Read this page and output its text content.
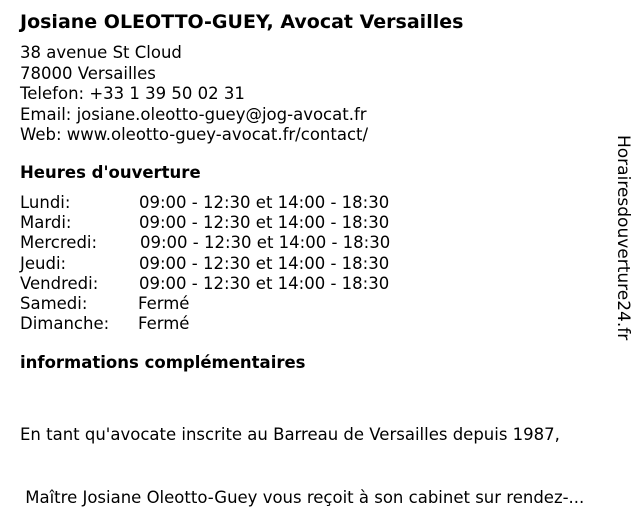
Josiane OLEOTTO-GUEY, Avocat Versailles
38 avenue St Cloud
78000 Versailles
Telefon: +33 1 39 50 02 31
Email: josiane.oleotto-guey@jog-avocat.fr
Web: www.oleotto-guey-avocat.fr/contact/
Heures d'ouverture
Lundi:	09:00 - 12:30 et 14:00 - 18:30
Mardi:	09:00 - 12:30 et 14:00 - 18:30
Mercredi:	09:00 - 12:30 et 14:00 - 18:30
Jeudi:	09:00 - 12:30 et 14:00 - 18:30
Vendredi: 09:00 - 12:30 et 14:00 - 18:30
Samedi:	Fermé
Dimanche: Fermé
informations complémentaires

En tant qu'avocate inscrite au Barreau de Versailles depuis 1987,

Maître Josiane Oleotto-Guey vous reçoit à son cabinet sur rendez-...

Horairesdouverture24.fr
